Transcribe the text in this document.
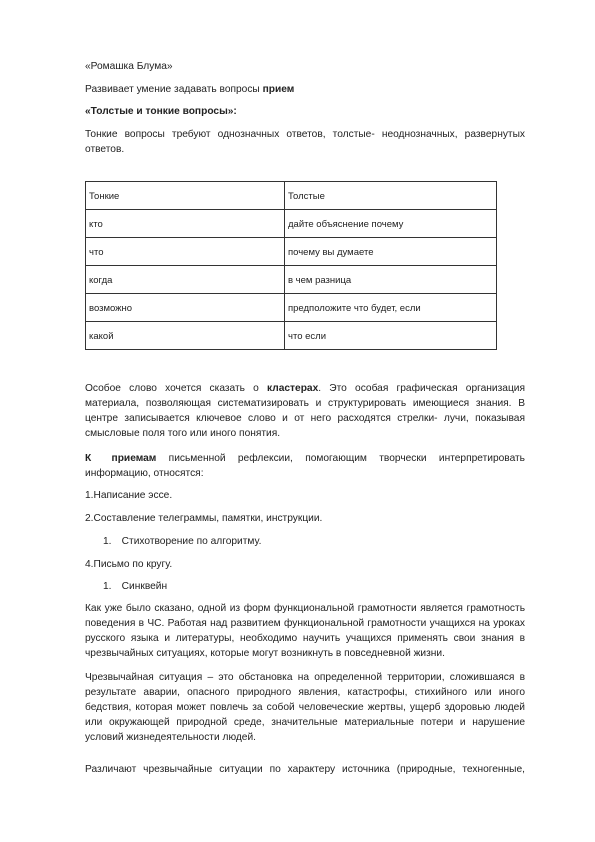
«Ромашка Блума»

Развивает умение задавать вопросы прием

«Толстые и тонкие вопросы»:

Тонкие вопросы требуют однозначных ответов, толстые- неоднозначных, развернутых ответов.

Тонкие	Толстые
кто	дайте объяснение почему
что	почему вы думаете
когда	в чем разница
возможно	предположите что будет, если
какой	что если

Особое слово хочется сказать о кластерах. Это особая графическая организация материала, позволяющая систематизировать и структурировать имеющиеся знания. В центре записывается ключевое слово и от него расходятся стрелки- лучи, показывая смысловые поля того или иного понятия.

К приемам письменной рефлексии, помогающим творчески интерпретировать информацию, относятся:

1.Написание эссе.
2.Составление телеграммы, памятки, инструкции.
1. Стихотворение по алгоритму.
4.Письмо по кругу.
1. Синквейн

Как уже было сказано, одной из форм функциональной грамотности является грамотность поведения в ЧС. Работая над развитием функциональной грамотности учащихся на уроках русского языка и литературы, необходимо научить учащихся применять свои знания в чрезвычайных ситуациях, которые могут возникнуть в повседневной жизни.

Чрезвычайная ситуация – это обстановка на определенной территории, сложившаяся в результате аварии, опасного природного явления, катастрофы, стихийного или иного бедствия, которая может повлечь за собой человеческие жертвы, ущерб здоровью людей или окружающей природной среде, значительные материальные потери и нарушение условий жизнедеятельности людей.

Различают чрезвычайные ситуации по характеру источника (природные, техногенные,
